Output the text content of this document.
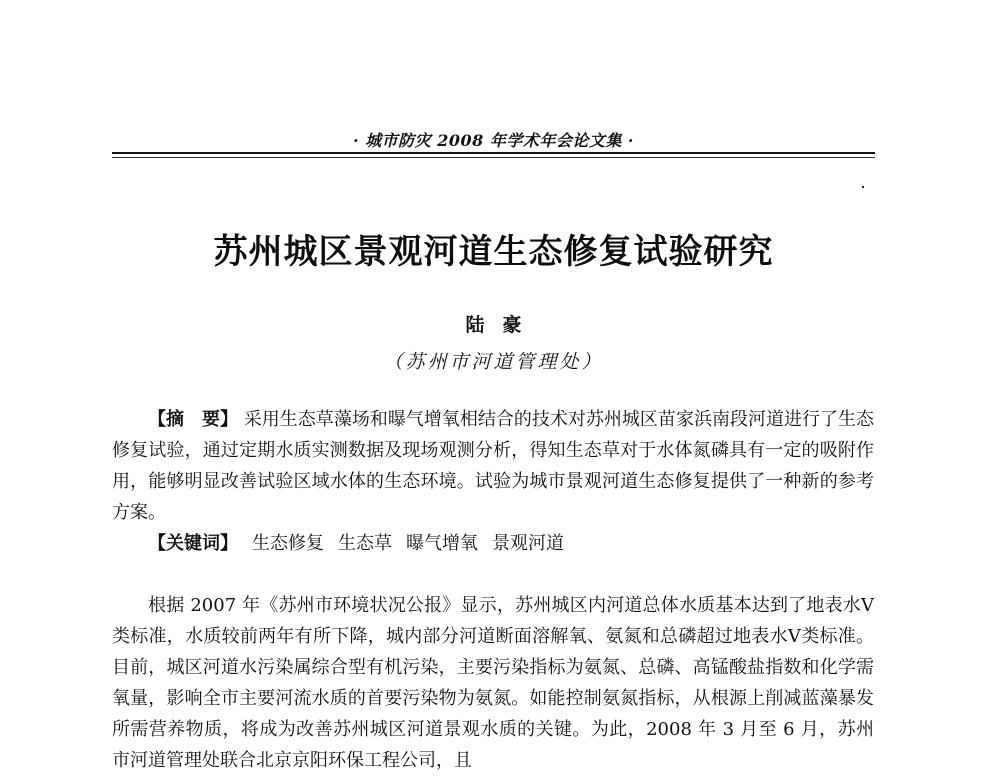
· 城市防灾 2008 年学术年会论文集 ·
苏州城区景观河道生态修复试验研究
陆豪
（苏州市河道管理处）
【摘　要】 采用生态草藻场和曝气增氧相结合的技术对苏州城区苗家浜南段河道进行了生态修复试验，通过定期水质实测数据及现场观测分析，得知生态草对于水体氮磷具有一定的吸附作用，能够明显改善试验区域水体的生态环境。试验为城市景观河道生态修复提供了一种新的参考方案。
【关键词】 生态修复 生态草 曝气增氧 景观河道
根据 2007 年《苏州市环境状况公报》显示，苏州城区内河道总体水质基本达到了地表水Ⅴ类标准，水质较前两年有所下降，城内部分河道断面溶解氧、氨氮和总磷超过地表水Ⅴ类标准。目前，城区河道水污染属综合型有机污染，主要污染指标为氨氮、总磷、高锰酸盐指数和化学需氧量，影响全市主要河流水质的首要污染物为氨氮。如能控制氨氮指标，从根源上削减蓝藻暴发所需营养物质，将成为改善苏州城区河道景观水质的关键。为此，2008 年 3 月至 6 月，苏州市河道管理处联合北京京阳环保工程公司，且
